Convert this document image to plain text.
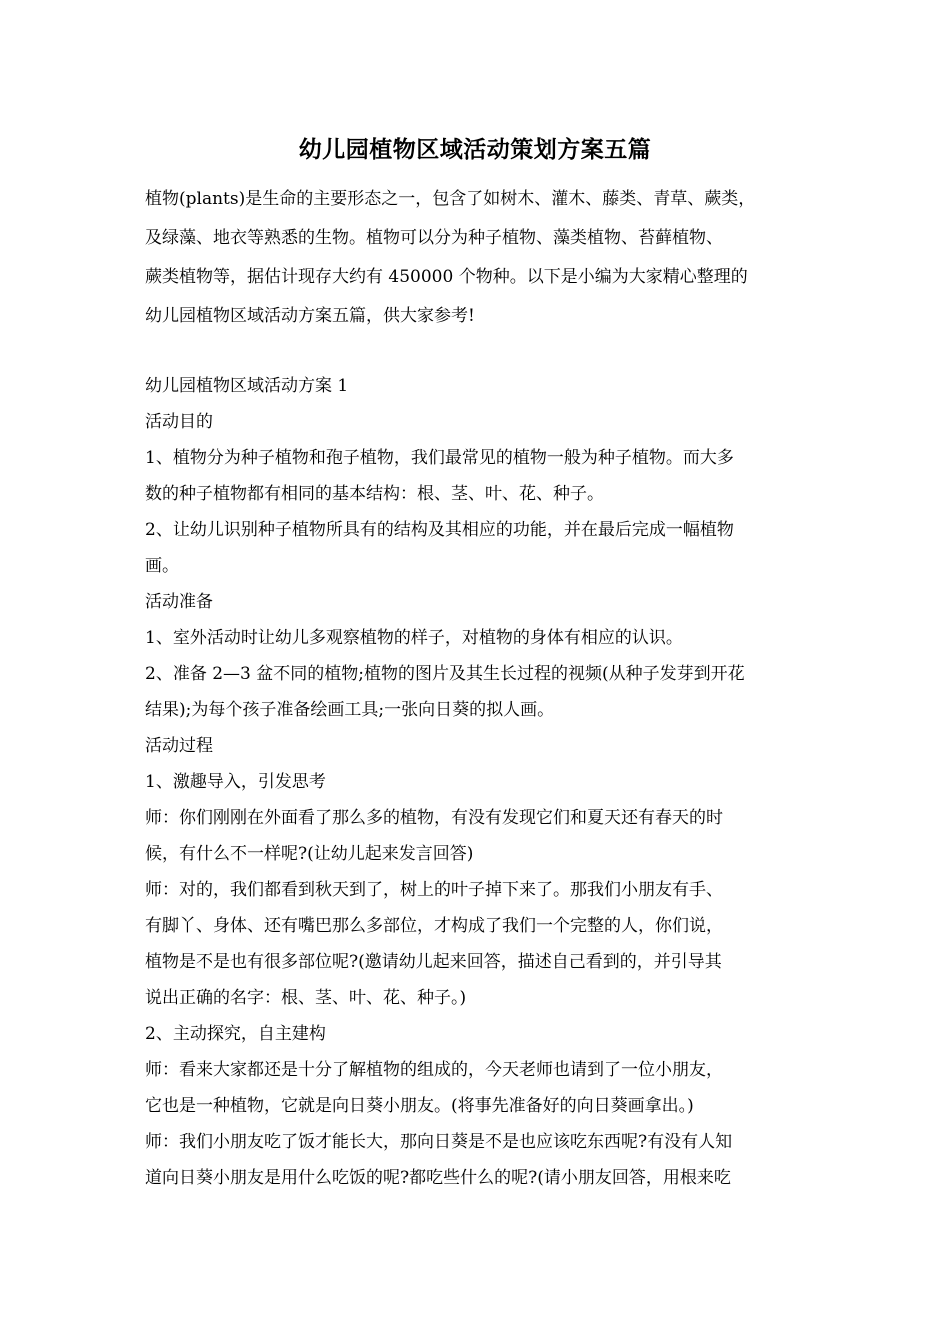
幼儿园植物区域活动策划方案五篇

植物(plants)是生命的主要形态之一，包含了如树木、灌木、藤类、青草、蕨类，

及绿藻、地衣等熟悉的生物。植物可以分为种子植物、藻类植物、苔藓植物、

蕨类植物等，据估计现存大约有 450000 个物种。以下是小编为大家精心整理的

幼儿园植物区域活动方案五篇，供大家参考!

幼儿园植物区域活动方案 1

活动目的

1、植物分为种子植物和孢子植物，我们最常见的植物一般为种子植物。而大多

数的种子植物都有相同的基本结构：根、茎、叶、花、种子。

2、让幼儿识别种子植物所具有的结构及其相应的功能，并在最后完成一幅植物

画。

活动准备

1、室外活动时让幼儿多观察植物的样子，对植物的身体有相应的认识。

2、准备 2—3 盆不同的植物;植物的图片及其生长过程的视频(从种子发芽到开花

结果);为每个孩子准备绘画工具;一张向日葵的拟人画。

活动过程

1、激趣导入，引发思考

师：你们刚刚在外面看了那么多的植物，有没有发现它们和夏天还有春天的时

候，有什么不一样呢?(让幼儿起来发言回答)

师：对的，我们都看到秋天到了，树上的叶子掉下来了。那我们小朋友有手、

有脚丫、身体、还有嘴巴那么多部位，才构成了我们一个完整的人，你们说，

植物是不是也有很多部位呢?(邀请幼儿起来回答，描述自己看到的，并引导其

说出正确的名字：根、茎、叶、花、种子。)

2、主动探究，自主建构

师：看来大家都还是十分了解植物的组成的，今天老师也请到了一位小朋友，

它也是一种植物，它就是向日葵小朋友。(将事先准备好的向日葵画拿出。)

师：我们小朋友吃了饭才能长大，那向日葵是不是也应该吃东西呢?有没有人知

道向日葵小朋友是用什么吃饭的呢?都吃些什么的呢?(请小朋友回答，用根来吃
